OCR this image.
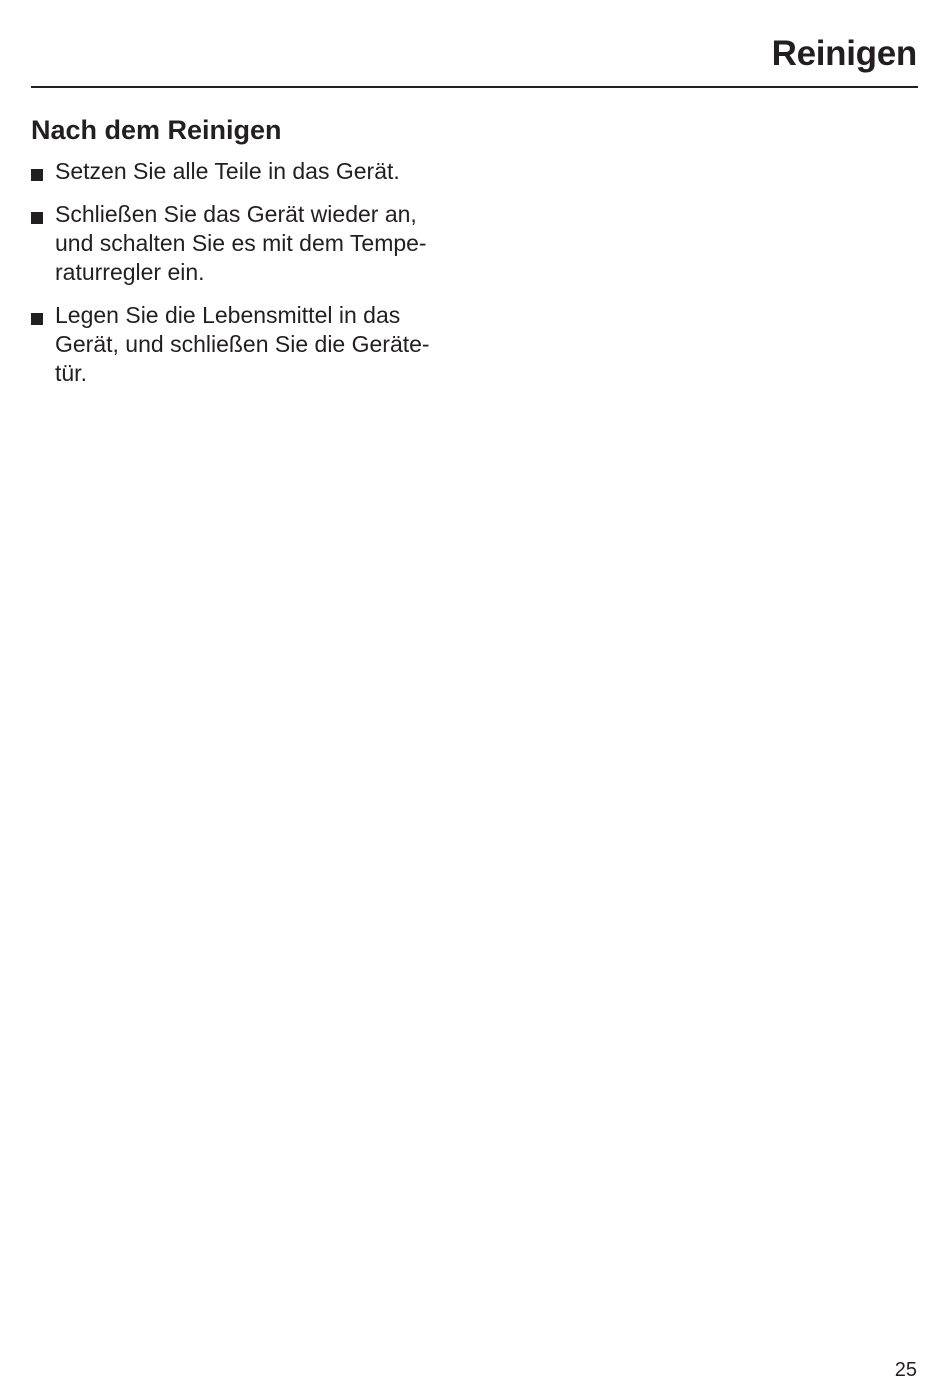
Reinigen
Nach dem Reinigen
Setzen Sie alle Teile in das Gerät.
Schließen Sie das Gerät wieder an,
und schalten Sie es mit dem Tempe-
raturregler ein.
Legen Sie die Lebensmittel in das
Gerät, und schließen Sie die Geräte-
tür.
25
